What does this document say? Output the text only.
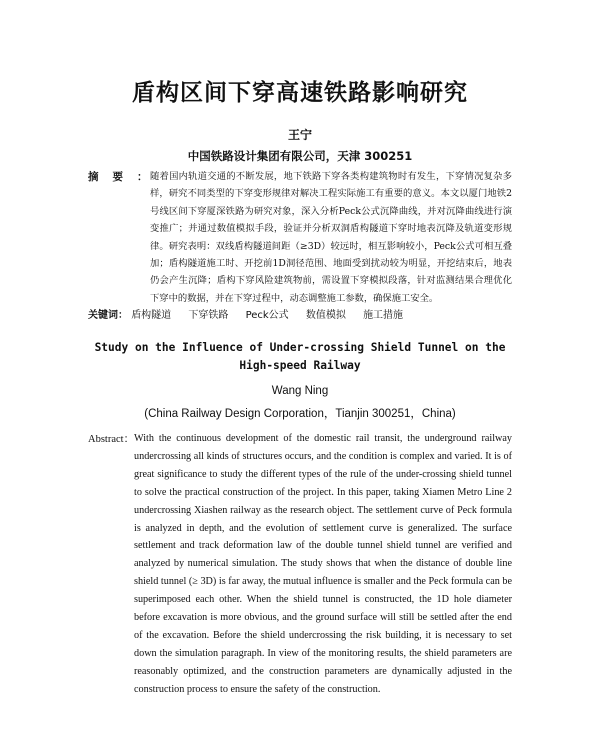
盾构区间下穿高速铁路影响研究
王宁
中国铁路设计集团有限公司，天津 300251
摘要：
随着国内轨道交通的不断发展，地下铁路下穿各类构建筑物时有发生，下穿情况复杂多样，研究不同类型的下穿变形规律对解决工程实际施工有重要的意义。本文以厦门地铁2号线区间下穿厦深铁路为研究对象，深入分析Peck公式沉降曲线，并对沉降曲线进行演变推广；并通过数值模拟手段，验证并分析双洞盾构隧道下穿时地表沉降及轨道变形规律。研究表明：双线盾构隧道间距（≥3D）较远时，相互影响较小，Peck公式可相互叠加；盾构隧道施工时、开挖前1D洞径范围、地面受到扰动较为明显，开挖结束后，地表仍会产生沉降；盾构下穿风险建筑物前，需设置下穿模拟段落，针对监测结果合理优化下穿中的数据，并在下穿过程中，动态调整施工参数，确保施工安全。
关键词： 盾构隧道 下穿铁路 Peck公式 数值模拟 施工措施
Study on the Influence of Under-crossing Shield Tunnel on the High-speed Railway
Wang Ning
(China Railway Design Corporation，Tianjin 300251，China)
Abstract： With the continuous development of the domestic rail transit, the underground railway undercrossing all kinds of structures occurs, and the condition is complex and varied. It is of great significance to study the different types of the rule of the under-crossing shield tunnel to solve the practical construction of the project. In this paper, taking Xiamen Metro Line 2 undercrossing Xiashen railway as the research object. The settlement curve of Peck formula is analyzed in depth, and the evolution of settlement curve is generalized. The surface settlement and track deformation law of the double tunnel shield tunnel are verified and analyzed by numerical simulation. The study shows that when the distance of double line shield tunnel (≥ 3D) is far away, the mutual influence is smaller and the Peck formula can be superimposed each other. When the shield tunnel is constructed, the 1D hole diameter before excavation is more obvious, and the ground surface will still be settled after the end of the excavation. Before the shield undercrossing the risk building, it is necessary to set down the simulation paragraph. In view of the monitoring results, the shield parameters are reasonably optimized, and the construction parameters are dynamically adjusted in the construction process to ensure the safety of the construction.
